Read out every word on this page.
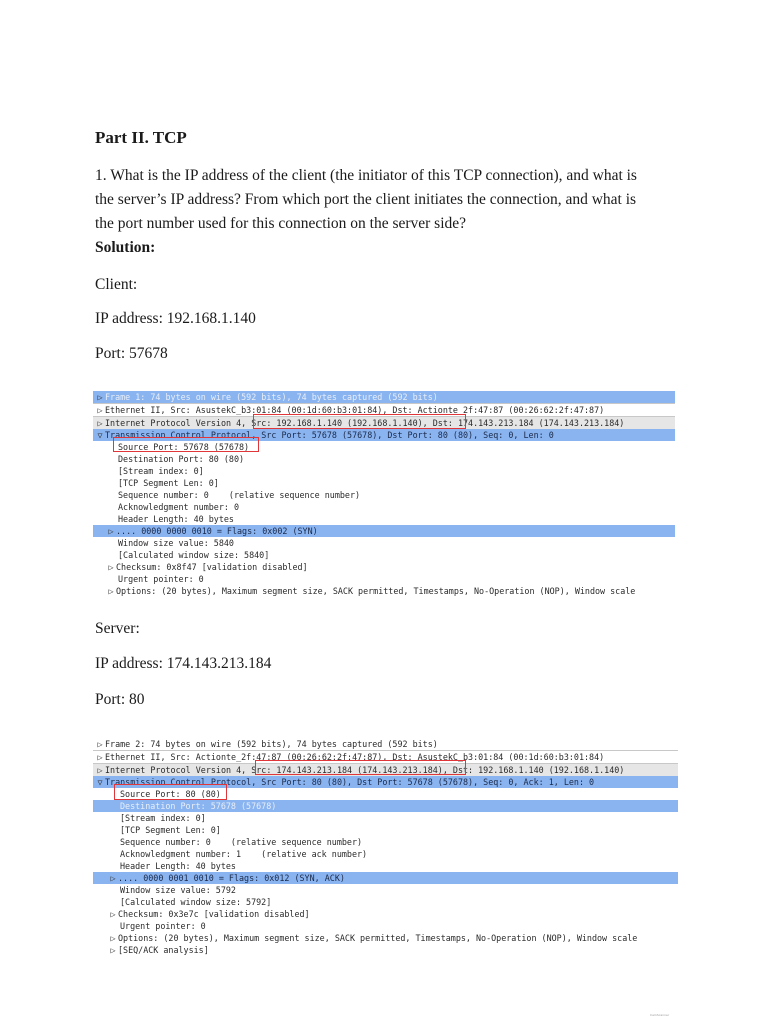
Part II. TCP
1. What is the IP address of the client (the initiator of this TCP connection), and what is the server’s IP address? From which port the client initiates the connection, and what is the port number used for this connection on the server side?
Solution:
Client:
IP address: 192.168.1.140
Port: 57678
▷ Frame 1: 74 bytes on wire (592 bits), 74 bytes captured (592 bits)
▷ Ethernet II, Src: AsustekC_b3:01:84 (00:1d:60:b3:01:84), Dst: Actionte_2f:47:87 (00:26:62:2f:47:87)
▷ Internet Protocol Version 4, Src: 192.168.1.140 (192.168.1.140), Dst: 174.143.213.184 (174.143.213.184)
▽ Transmission Control Protocol, Src Port: 57678 (57678), Dst Port: 80 (80), Seq: 0, Len: 0
Source Port: 57678 (57678)
Destination Port: 80 (80)
[Stream index: 0]
[TCP Segment Len: 0]
Sequence number: 0    (relative sequence number)
Acknowledgment number: 0
Header Length: 40 bytes
▷ .... 0000 0000 0010 = Flags: 0x002 (SYN)
Window size value: 5840
[Calculated window size: 5840]
▷ Checksum: 0x8f47 [validation disabled]
Urgent pointer: 0
▷ Options: (20 bytes), Maximum segment size, SACK permitted, Timestamps, No-Operation (NOP), Window scale
Server:
IP address: 174.143.213.184
Port: 80
▷ Frame 2: 74 bytes on wire (592 bits), 74 bytes captured (592 bits)
▷ Ethernet II, Src: Actionte_2f:47:87 (00:26:62:2f:47:87), Dst: AsustekC_b3:01:84 (00:1d:60:b3:01:84)
▷ Internet Protocol Version 4, Src: 174.143.213.184 (174.143.213.184), Dst: 192.168.1.140 (192.168.1.140)
▽ Transmission Control Protocol, Src Port: 80 (80), Dst Port: 57678 (57678), Seq: 0, Ack: 1, Len: 0
Source Port: 80 (80)
Destination Port: 57678 (57678)
[Stream index: 0]
[TCP Segment Len: 0]
Sequence number: 0    (relative sequence number)
Acknowledgment number: 1    (relative ack number)
Header Length: 40 bytes
▷ .... 0000 0001 0010 = Flags: 0x012 (SYN, ACK)
Window size value: 5792
[Calculated window size: 5792]
▷ Checksum: 0x3e7c [validation disabled]
Urgent pointer: 0
▷ Options: (20 bytes), Maximum segment size, SACK permitted, Timestamps, No-Operation (NOP), Window scale
▷ [SEQ/ACK analysis]
CamScanner
